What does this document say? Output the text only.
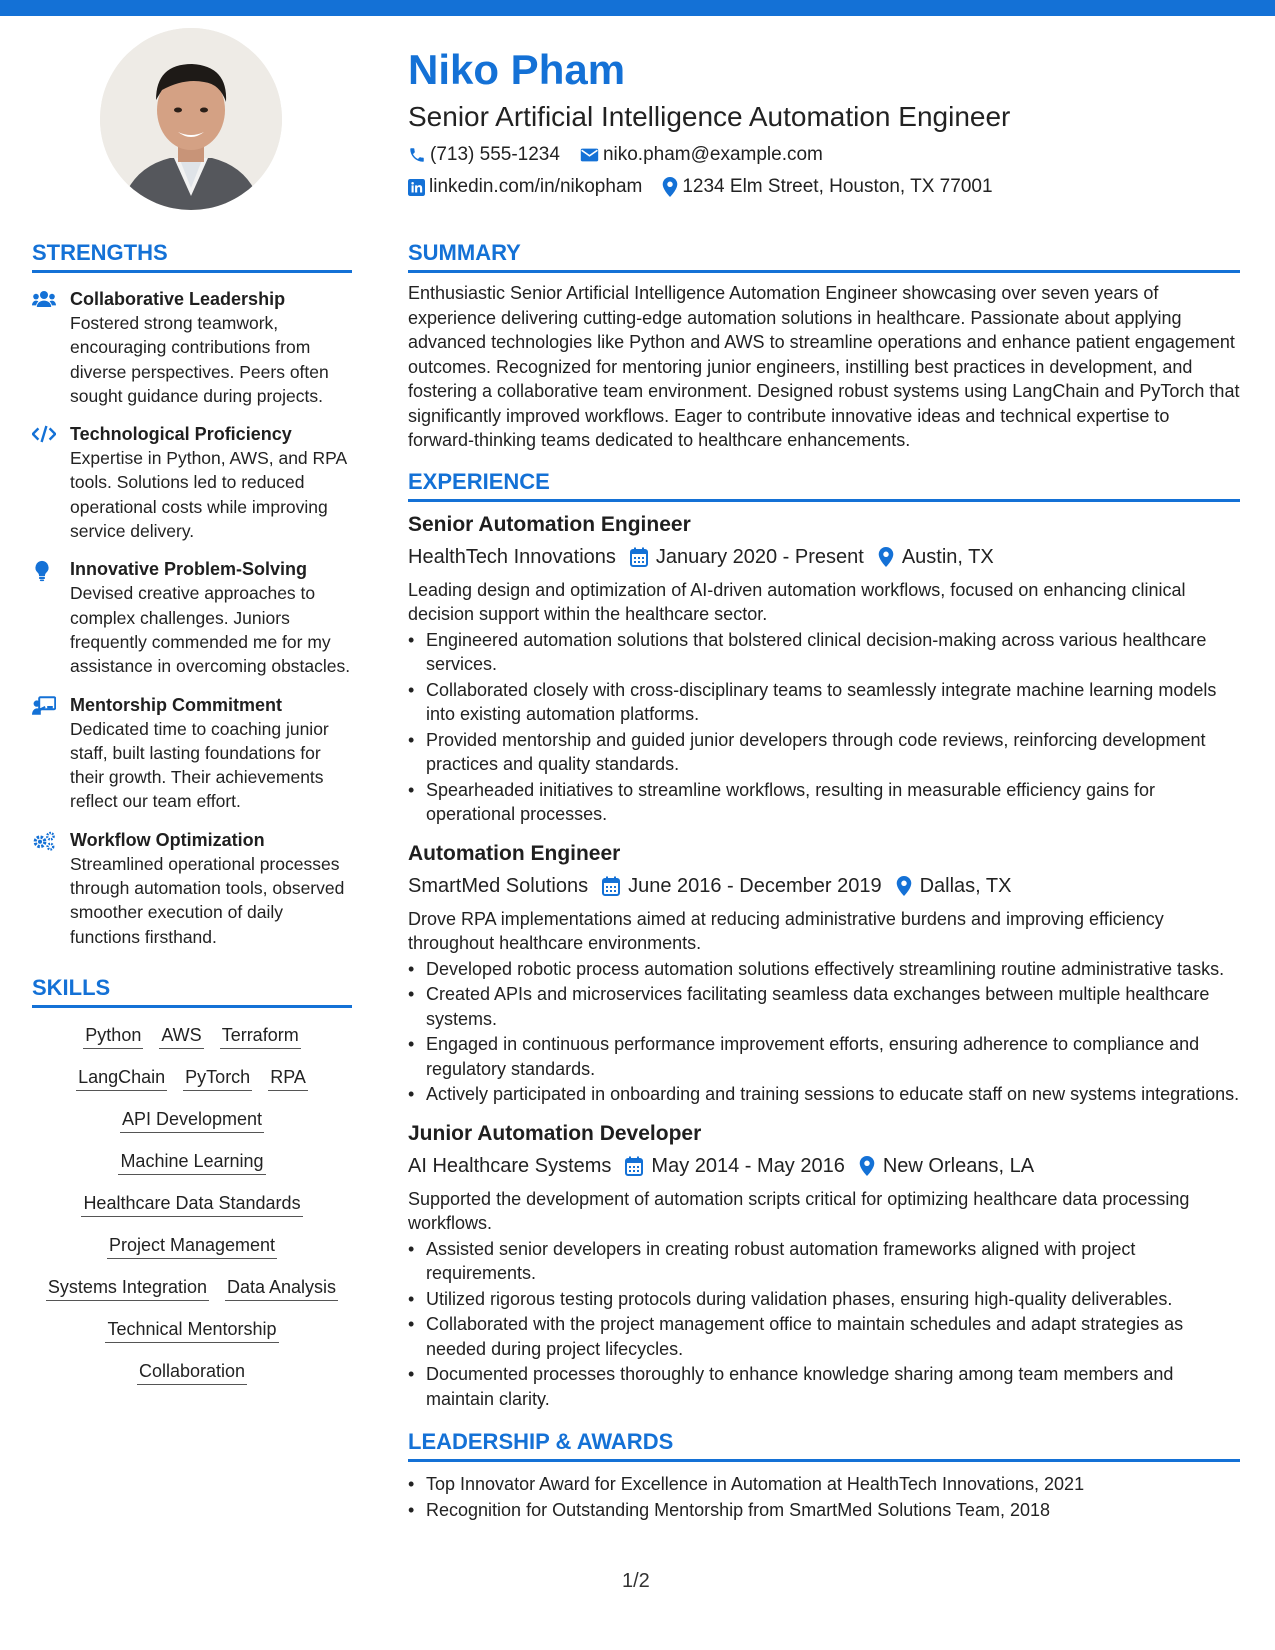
Niko Pham
Senior Artificial Intelligence Automation Engineer
(713) 555-1234 niko.pham@example.com
linkedin.com/in/nikopham 1234 Elm Street, Houston, TX 77001
STRENGTHS
Collaborative Leadership
Fostered strong teamwork, encouraging contributions from diverse perspectives. Peers often sought guidance during projects.
Technological Proficiency
Expertise in Python, AWS, and RPA tools. Solutions led to reduced operational costs while improving service delivery.
Innovative Problem-Solving
Devised creative approaches to complex challenges. Juniors frequently commended me for my assistance in overcoming obstacles.
Mentorship Commitment
Dedicated time to coaching junior staff, built lasting foundations for their growth. Their achievements reflect our team effort.
Workflow Optimization
Streamlined operational processes through automation tools, observed smoother execution of daily functions firsthand.
SKILLS
Python AWS Terraform
LangChain PyTorch RPA
API Development
Machine Learning
Healthcare Data Standards
Project Management
Systems Integration Data Analysis
Technical Mentorship
Collaboration
SUMMARY
Enthusiastic Senior Artificial Intelligence Automation Engineer showcasing over seven years of experience delivering cutting-edge automation solutions in healthcare. Passionate about applying advanced technologies like Python and AWS to streamline operations and enhance patient engagement outcomes. Recognized for mentoring junior engineers, instilling best practices in development, and fostering a collaborative team environment. Designed robust systems using LangChain and PyTorch that significantly improved workflows. Eager to contribute innovative ideas and technical expertise to forward-thinking teams dedicated to healthcare enhancements.
EXPERIENCE
Senior Automation Engineer
HealthTech Innovations January 2020 - Present Austin, TX
Leading design and optimization of AI-driven automation workflows, focused on enhancing clinical decision support within the healthcare sector.
• Engineered automation solutions that bolstered clinical decision-making across various healthcare services.
• Collaborated closely with cross-disciplinary teams to seamlessly integrate machine learning models into existing automation platforms.
• Provided mentorship and guided junior developers through code reviews, reinforcing development practices and quality standards.
• Spearheaded initiatives to streamline workflows, resulting in measurable efficiency gains for operational processes.
Automation Engineer
SmartMed Solutions June 2016 - December 2019 Dallas, TX
Drove RPA implementations aimed at reducing administrative burdens and improving efficiency throughout healthcare environments.
• Developed robotic process automation solutions effectively streamlining routine administrative tasks.
• Created APIs and microservices facilitating seamless data exchanges between multiple healthcare systems.
• Engaged in continuous performance improvement efforts, ensuring adherence to compliance and regulatory standards.
• Actively participated in onboarding and training sessions to educate staff on new systems integrations.
Junior Automation Developer
AI Healthcare Systems May 2014 - May 2016 New Orleans, LA
Supported the development of automation scripts critical for optimizing healthcare data processing workflows.
• Assisted senior developers in creating robust automation frameworks aligned with project requirements.
• Utilized rigorous testing protocols during validation phases, ensuring high-quality deliverables.
• Collaborated with the project management office to maintain schedules and adapt strategies as needed during project lifecycles.
• Documented processes thoroughly to enhance knowledge sharing among team members and maintain clarity.
LEADERSHIP & AWARDS
• Top Innovator Award for Excellence in Automation at HealthTech Innovations, 2021
• Recognition for Outstanding Mentorship from SmartMed Solutions Team, 2018
1/2
